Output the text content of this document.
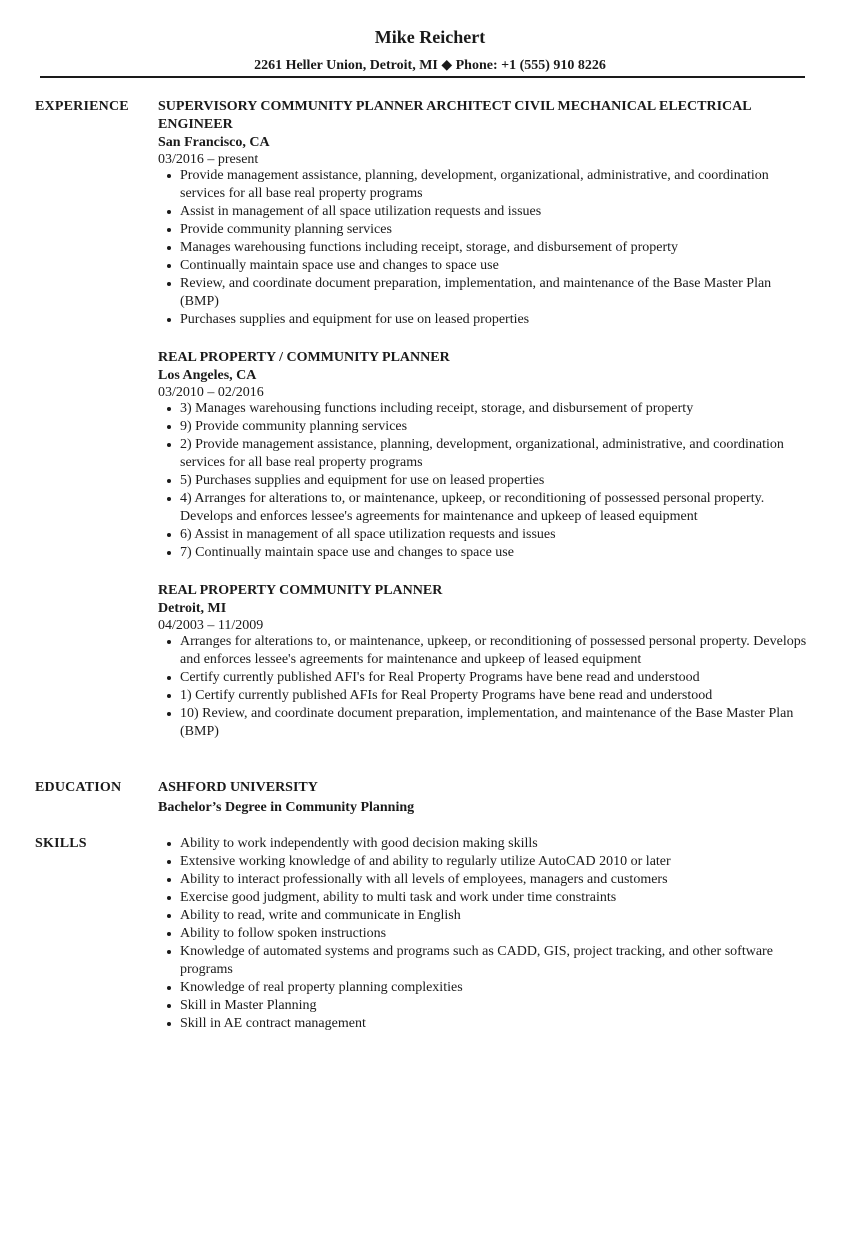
Mike Reichert
2261 Heller Union, Detroit, MI ◆ Phone: +1 (555) 910 8226
EXPERIENCE SUPERVISORY COMMUNITY PLANNER ARCHITECT CIVIL MECHANICAL ELECTRICAL ENGINEER
San Francisco, CA
03/2016 – present
Provide management assistance, planning, development, organizational, administrative, and coordination services for all base real property programs
Assist in management of all space utilization requests and issues
Provide community planning services
Manages warehousing functions including receipt, storage, and disbursement of property
Continually maintain space use and changes to space use
Review, and coordinate document preparation, implementation, and maintenance of the Base Master Plan (BMP)
Purchases supplies and equipment for use on leased properties
REAL PROPERTY / COMMUNITY PLANNER
Los Angeles, CA
03/2010 – 02/2016
3) Manages warehousing functions including receipt, storage, and disbursement of property
9) Provide community planning services
2) Provide management assistance, planning, development, organizational, administrative, and coordination services for all base real property programs
5) Purchases supplies and equipment for use on leased properties
4) Arranges for alterations to, or maintenance, upkeep, or reconditioning of possessed personal property. Develops and enforces lessee's agreements for maintenance and upkeep of leased equipment
6) Assist in management of all space utilization requests and issues
7) Continually maintain space use and changes to space use
REAL PROPERTY COMMUNITY PLANNER
Detroit, MI
04/2003 – 11/2009
Arranges for alterations to, or maintenance, upkeep, or reconditioning of possessed personal property. Develops and enforces lessee's agreements for maintenance and upkeep of leased equipment
Certify currently published AFI's for Real Property Programs have bene read and understood
1) Certify currently published AFIs for Real Property Programs have bene read and understood
10) Review, and coordinate document preparation, implementation, and maintenance of the Base Master Plan (BMP)
EDUCATION	ASHFORD UNIVERSITY
Bachelor’s Degree in Community Planning
SKILLS	Ability to work independently with good decision making skills
Extensive working knowledge of and ability to regularly utilize AutoCAD 2010 or later
Ability to interact professionally with all levels of employees, managers and customers
Exercise good judgment, ability to multi task and work under time constraints
Ability to read, write and communicate in English
Ability to follow spoken instructions
Knowledge of automated systems and programs such as CADD, GIS, project tracking, and other software programs
Knowledge of real property planning complexities
Skill in Master Planning
Skill in AE contract management
